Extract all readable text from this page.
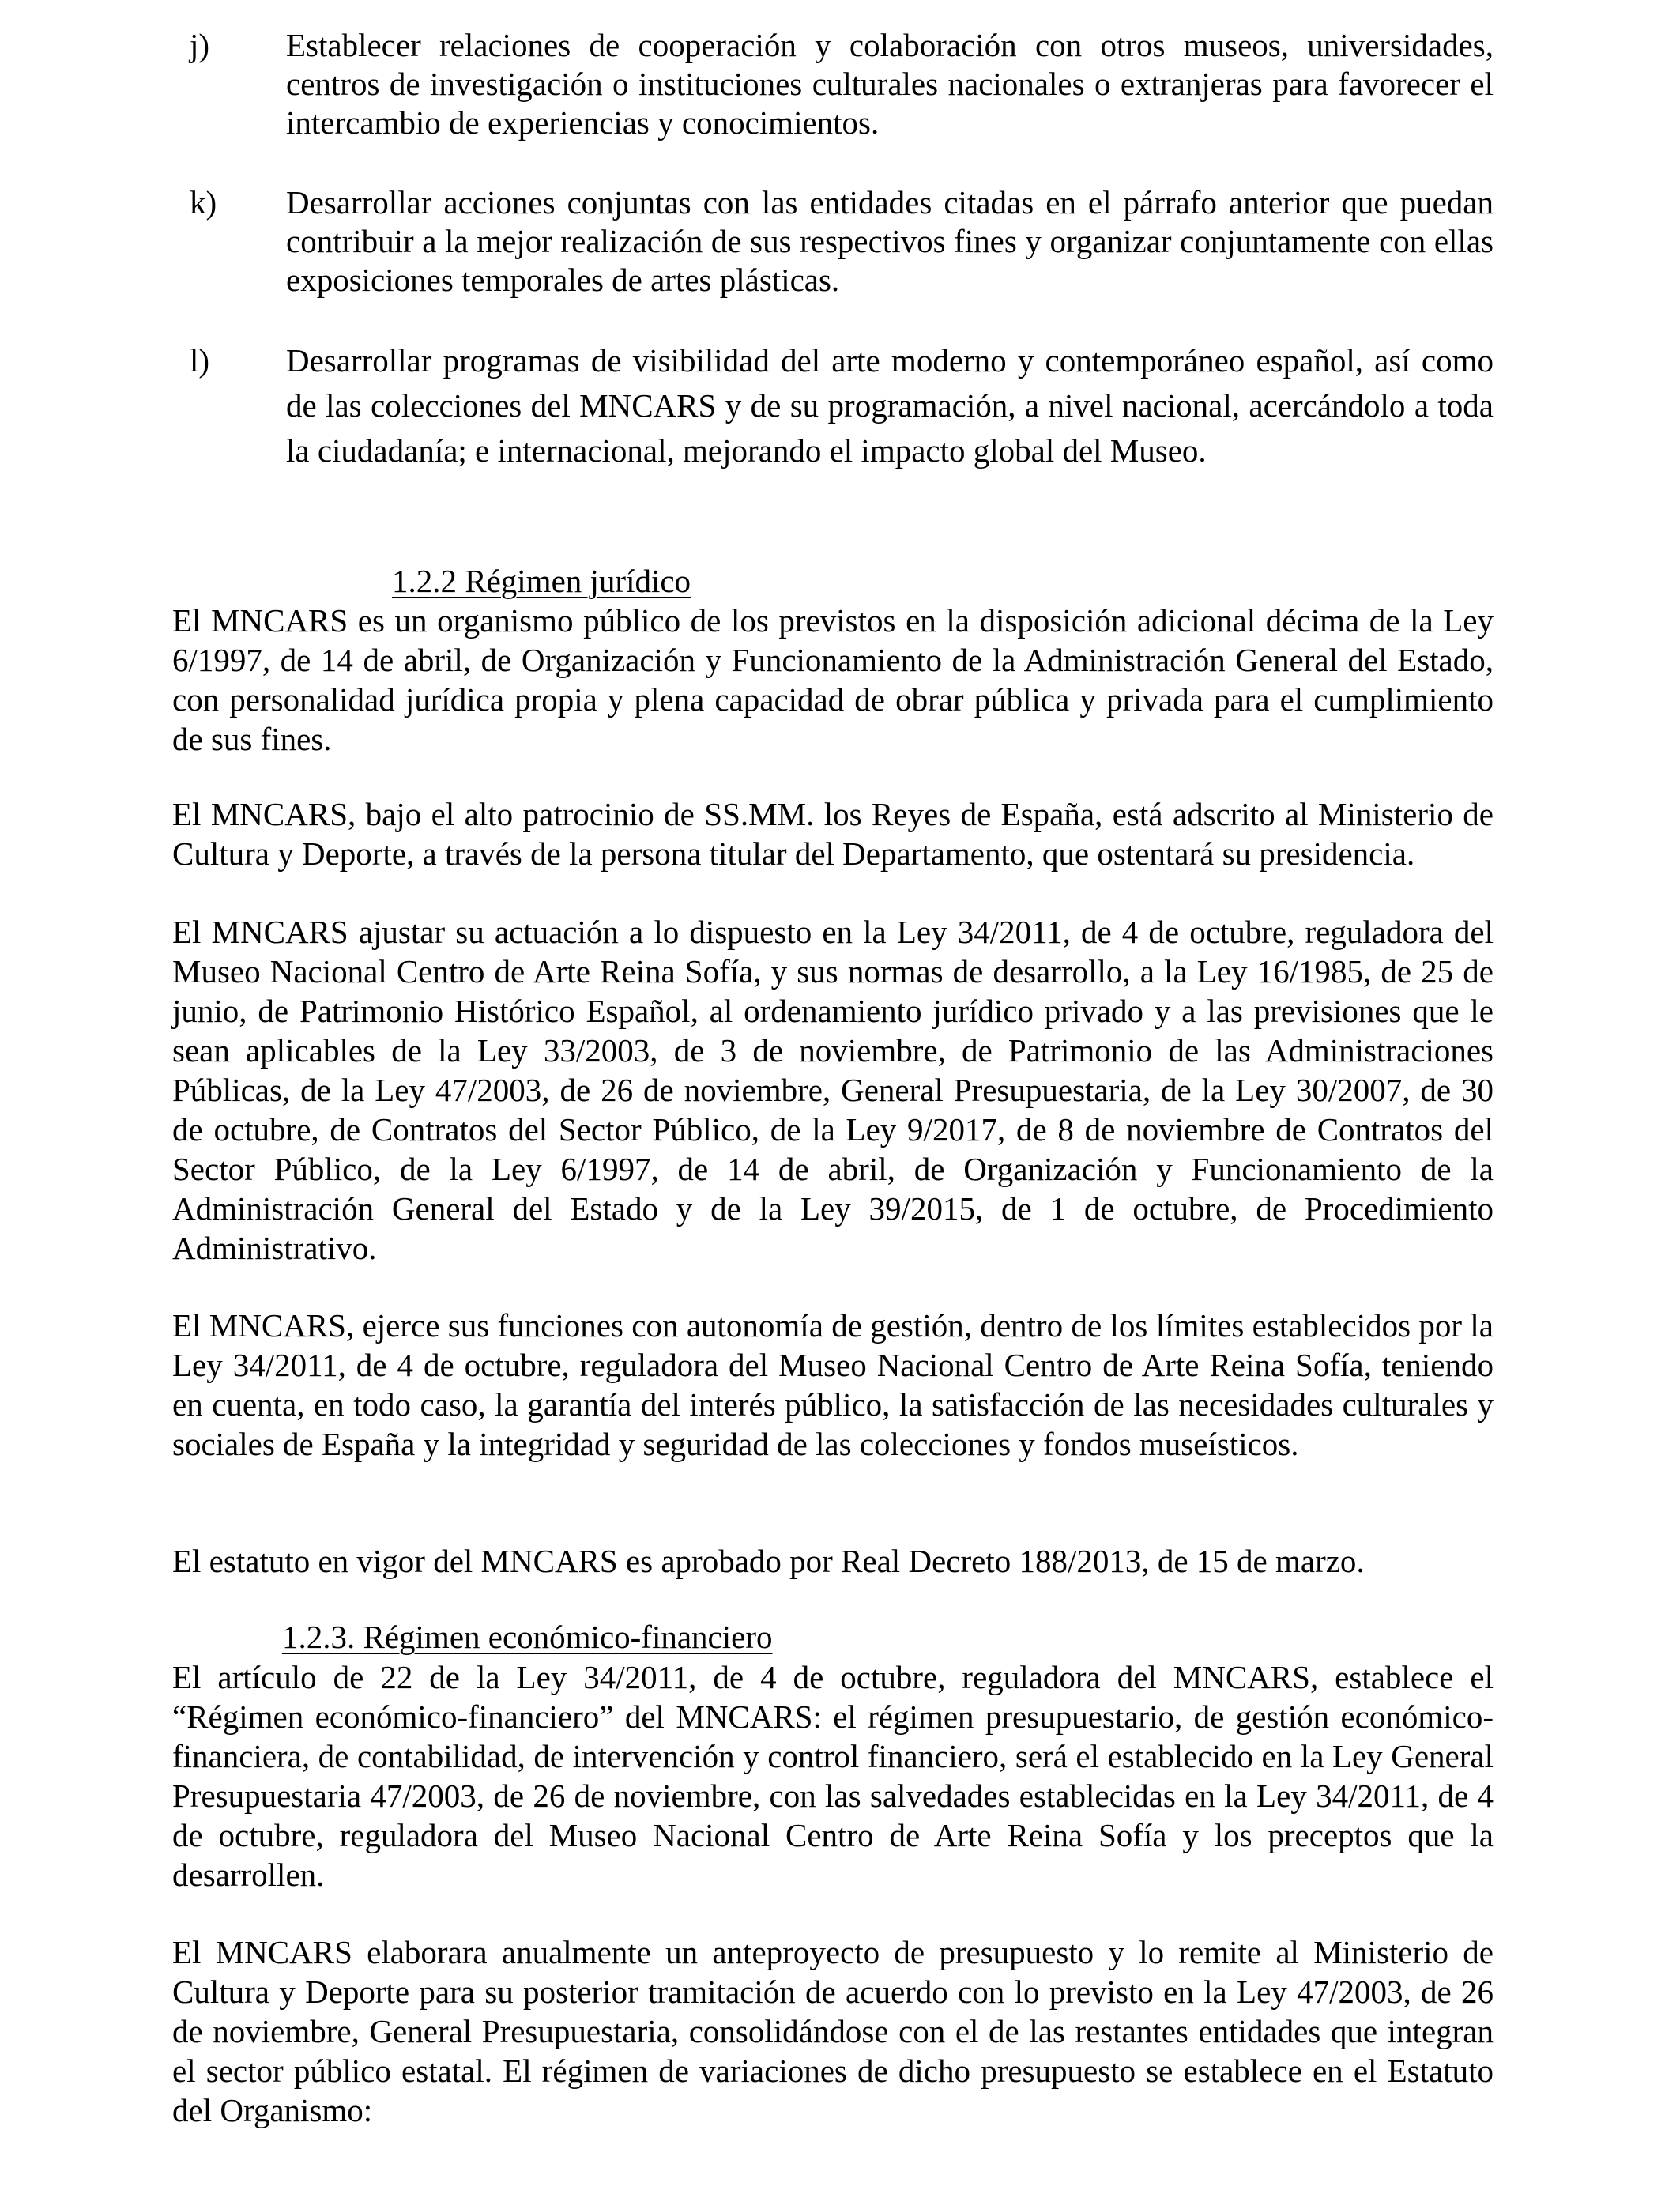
j)	Establecer relaciones de cooperación y colaboración con otros museos, universidades, centros de investigación o instituciones culturales nacionales o extranjeras para favorecer el intercambio de experiencias y conocimientos.
k)	Desarrollar acciones conjuntas con las entidades citadas en el párrafo anterior que puedan contribuir a la mejor realización de sus respectivos fines y organizar conjuntamente con ellas exposiciones temporales de artes plásticas.
l)	Desarrollar programas de visibilidad del arte moderno y contemporáneo español, así como de las colecciones del MNCARS y de su programación, a nivel nacional, acercándolo a toda la ciudadanía; e internacional, mejorando el impacto global del Museo.
1.2.2 Régimen jurídico
El MNCARS es un organismo público de los previstos en la disposición adicional décima de la Ley 6/1997, de 14 de abril, de Organización y Funcionamiento de la Administración General del Estado, con personalidad jurídica propia y plena capacidad de obrar pública y privada para el cumplimiento de sus fines.
El MNCARS, bajo el alto patrocinio de SS.MM. los Reyes de España, está adscrito al Ministerio de Cultura y Deporte, a través de la persona titular del Departamento, que ostentará su presidencia.
El MNCARS ajustar su actuación a lo dispuesto en la Ley 34/2011, de 4 de octubre, reguladora del Museo Nacional Centro de Arte Reina Sofía, y sus normas de desarrollo, a la Ley 16/1985, de 25 de junio, de Patrimonio Histórico Español, al ordenamiento jurídico privado y a las previsiones que le sean aplicables de la Ley 33/2003, de 3 de noviembre, de Patrimonio de las Administraciones Públicas, de la Ley 47/2003, de 26 de noviembre, General Presupuestaria, de la Ley 30/2007, de 30 de octubre, de Contratos del Sector Público, de la Ley 9/2017, de 8 de noviembre de Contratos del Sector Público, de la Ley 6/1997, de 14 de abril, de Organización y Funcionamiento de la Administración General del Estado y de la Ley 39/2015, de 1 de octubre, de Procedimiento Administrativo.
El MNCARS, ejerce sus funciones con autonomía de gestión, dentro de los límites establecidos por la Ley 34/2011, de 4 de octubre, reguladora del Museo Nacional Centro de Arte Reina Sofía, teniendo en cuenta, en todo caso, la garantía del interés público, la satisfacción de las necesidades culturales y sociales de España y la integridad y seguridad de las colecciones y fondos museísticos.
El estatuto en vigor del MNCARS es aprobado por Real Decreto 188/2013, de 15 de marzo.
1.2.3. Régimen económico-financiero
El artículo de 22 de la Ley 34/2011, de 4 de octubre, reguladora del MNCARS, establece el “Régimen económico-financiero” del MNCARS: el régimen presupuestario, de gestión económico-financiera, de contabilidad, de intervención y control financiero, será el establecido en la Ley General Presupuestaria 47/2003, de 26 de noviembre, con las salvedades establecidas en la Ley 34/2011, de 4 de octubre, reguladora del Museo Nacional Centro de Arte Reina Sofía y los preceptos que la desarrollen.
El MNCARS elaborara anualmente un anteproyecto de presupuesto y lo remite al Ministerio de Cultura y Deporte para su posterior tramitación de acuerdo con lo previsto en la Ley 47/2003, de 26 de noviembre, General Presupuestaria, consolidándose con el de las restantes entidades que integran el sector público estatal. El régimen de variaciones de dicho presupuesto se establece en el Estatuto del Organismo:
